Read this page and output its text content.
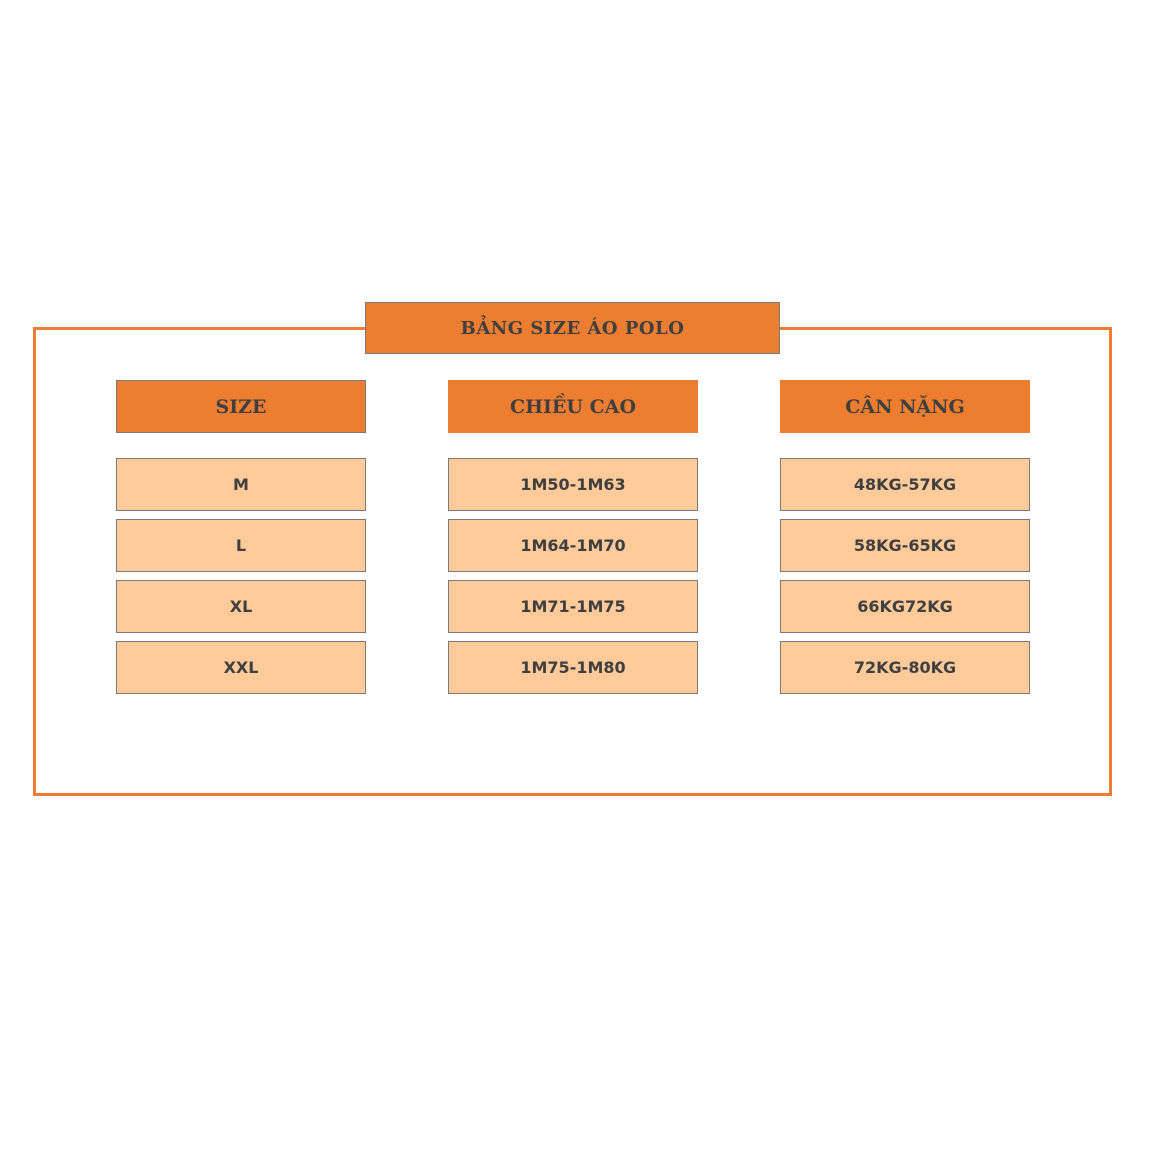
BẢNG SIZE ÁO POLO
SIZE
M
L
XL
XXL
CHIỀU CAO
1M50-1M63
1M64-1M70
1M71-1M75
1M75-1M80
CÂN NẶNG
48KG-57KG
58KG-65KG
66KG72KG
72KG-80KG
